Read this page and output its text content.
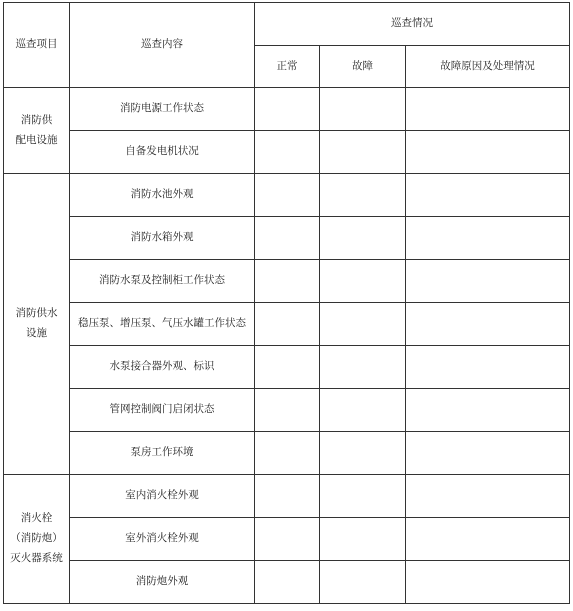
巡查项目	巡查内容	巡查情况		
		正常	故障	故障原因及处理情况

消防供
配电设施	消防电源工作状态			
	自备发电机状况			

消防供水
设施	消防水池外观			
	消防水箱外观			
	消防水泵及控制柜工作状态			
	稳压泵、增压泵、气压水罐工作状态			
	水泵接合器外观、标识			
	管网控制阀门启闭状态			
	泵房工作环境			

消火栓
（消防炮）
灭火器系统	室内消火栓外观			
	室外消火栓外观			
	消防炮外观			
